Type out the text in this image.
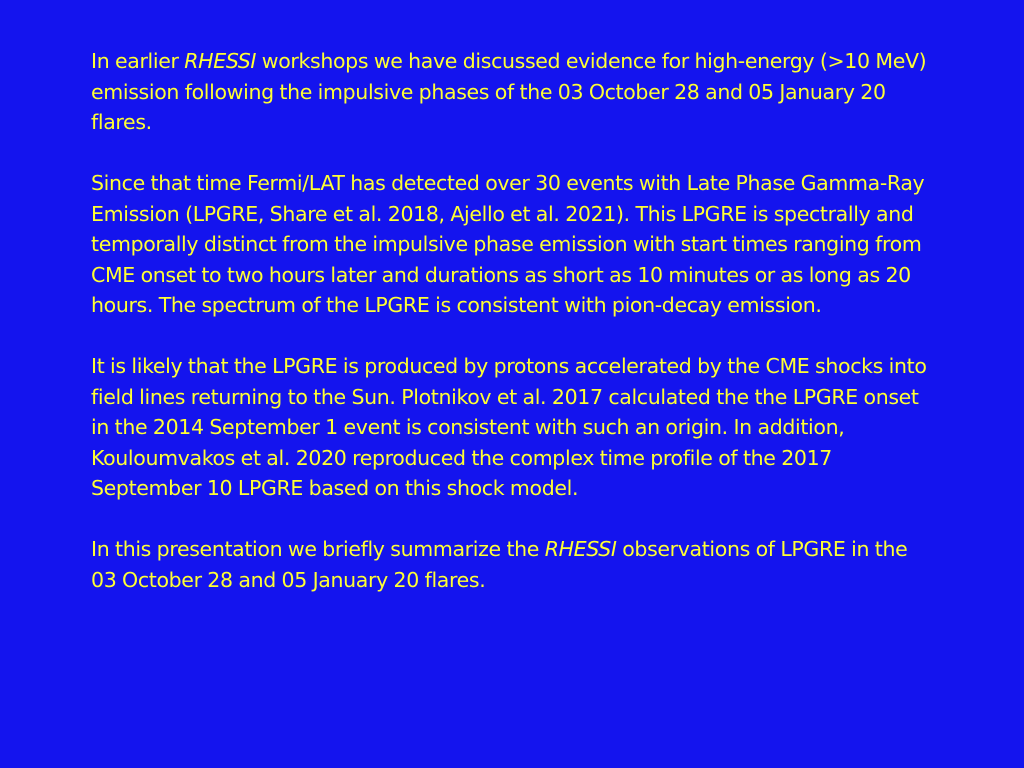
In earlier RHESSI workshops we have discussed evidence for high-energy (>10 MeV) emission following the impulsive phases of the 03 October 28 and 05 January 20 flares.

Since that time Fermi/LAT has detected over 30 events with Late Phase Gamma-Ray Emission (LPGRE, Share et al. 2018, Ajello et al. 2021). This LPGRE is spectrally and temporally distinct from the impulsive phase emission with start times ranging from CME onset to two hours later and durations as short as 10 minutes or as long as 20 hours. The spectrum of the LPGRE is consistent with pion-decay emission.

It is likely that the LPGRE is produced by protons accelerated by the CME shocks into field lines returning to the Sun. Plotnikov et al. 2017 calculated the the LPGRE onset in the 2014 September 1 event is consistent with such an origin. In addition, Kouloumvakos et al. 2020 reproduced the complex time profile of the 2017 September 10 LPGRE based on this shock model.

In this presentation we briefly summarize the RHESSI observations of LPGRE in the 03 October 28 and 05 January 20 flares.
